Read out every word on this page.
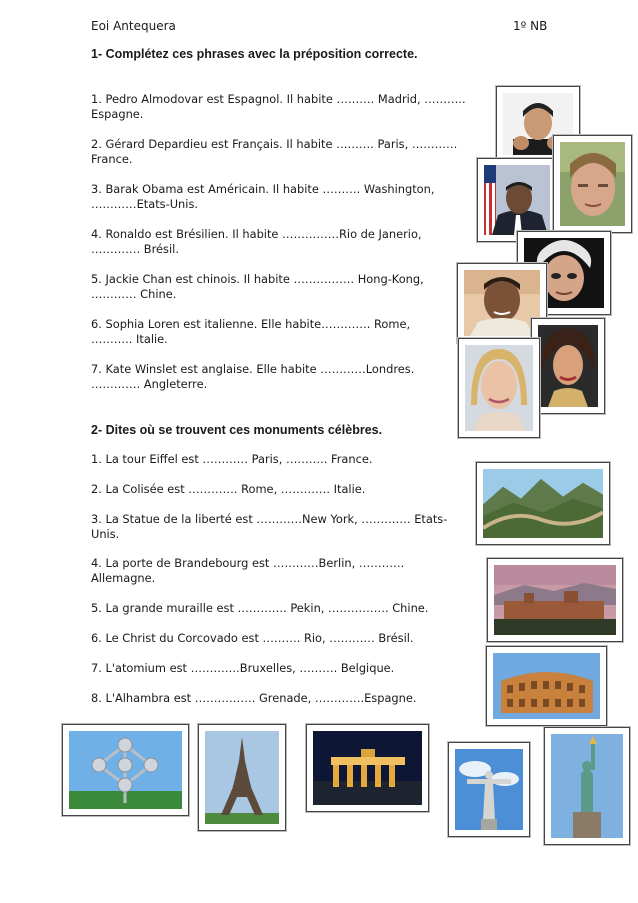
Eoi Antequera	1º NB
1- Complétez ces phrases avec la préposition correcte.
1. Pedro Almodovar est Espagnol. Il habite ………. Madrid, ………..
Espagne.
2. Gérard Depardieu est Français. Il habite ………. Paris, …………
France.
3. Barak Obama est Américain. Il habite ………. Washington,
…………Etats-Unis.
4. Ronaldo est Brésilien. Il habite ……………Rio de Janerio,
…………. Brésil.
5. Jackie Chan est chinois. Il habite ……………. Hong-Kong,
………… Chine.
6. Sophia Loren est italienne. Elle habite…………. Rome,
……….. Italie.
7. Kate Winslet est anglaise. Elle habite …………Londres.
…………. Angleterre.
2- Dites où se trouvent ces monuments célèbres.
1. La tour Eiffel est ………… Paris, ……….. France.
2. La Colisée est …………. Rome, …………. Italie.
3. La Statue de la liberté est …………New York, …………. Etats-
Unis.
4. La porte de Brandebourg est …………Berlin, …………
Allemagne.
5. La grande muraille est …………. Pekin, ……………. Chine.
6. Le Christ du Corcovado est ………. Rio, ………… Brésil.
7. L'atomium est ………….Bruxelles, ………. Belgique.
8. L'Alhambra est ……………. Grenade, ………….Espagne.
